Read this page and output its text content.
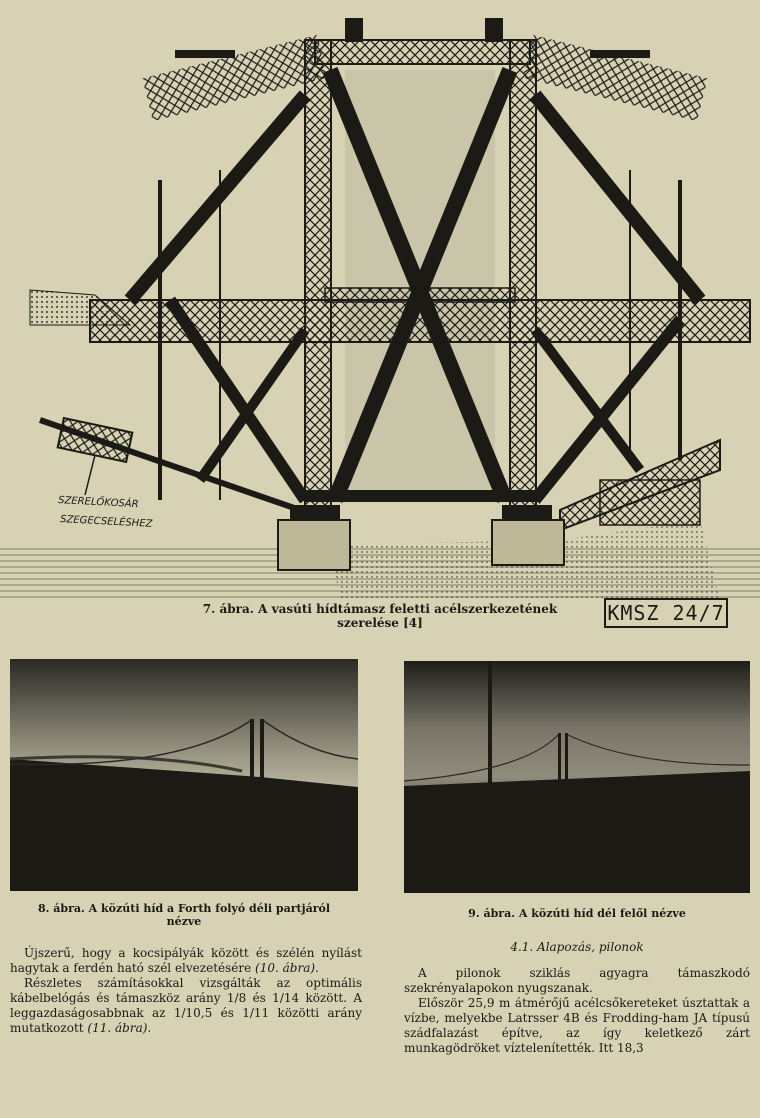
SZERELŐKOSÁR
SZEGECSELÉSHEZ
7. ábra. A vasúti hídtámasz feletti acélszerkezetének
szerelése [4]	KMSZ 24/7
8. ábra. A közúti híd a Forth folyó déli partjáról
nézve
9. ábra. A közúti híd dél felől nézve
4.1. Alapozás, pilonok

Újszerű, hogy a kocsipályák között és szélén nyílást hagytak a ferdén ható szél elvezetésére (10. ábra).

Részletes számításokkal vizsgálták az optimális kábelbelógás és támaszköz arány 1/8 és 1/14 között. A leggazdaságosabbnak az 1/10,5 és 1/11 közötti arány mutatkozott (11. ábra).

A pilonok sziklás agyagra támaszkodó szekrényalapokon nyugszanak.

Először 25,9 m átmérőjű acélcsőkereteket úsztattak a vízbe, melyekbe Latrsser 4B és Frodding-ham JA típusú szádfalazást építve, az így keletkező zárt munkagödröket víztelenítették. Itt 18,3
